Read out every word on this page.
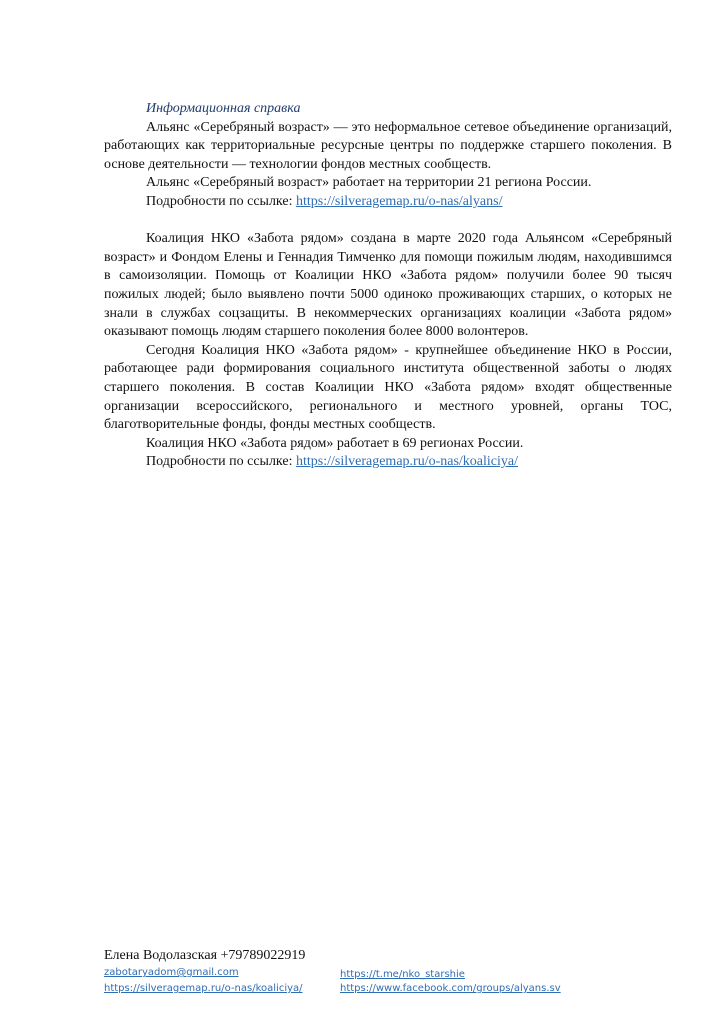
Информационная справка

Альянс «Серебряный возраст» — это неформальное сетевое объединение организаций, работающих как территориальные ресурсные центры по поддержке старшего поколения. В основе деятельности — технологии фондов местных сообществ.

Альянс «Серебряный возраст» работает на территории 21 региона России.

Подробности по ссылке: https://silveragemap.ru/o-nas/alyans/

Коалиция НКО «Забота рядом» создана в марте 2020 года Альянсом «Серебряный возраст» и Фондом Елены и Геннадия Тимченко для помощи пожилым людям, находившимся в самоизоляции. Помощь от Коалиции НКО «Забота рядом» получили более 90 тысяч пожилых людей; было выявлено почти 5000 одиноко проживающих старших, о которых не знали в службах соцзащиты. В некоммерческих организациях коалиции «Забота рядом» оказывают помощь людям старшего поколения более 8000 волонтеров.

Сегодня Коалиция НКО «Забота рядом» - крупнейшее объединение НКО в России, работающее ради формирования социального института общественной заботы о людях старшего поколения. В состав Коалиции НКО «Забота рядом» входят общественные организации всероссийского, регионального и местного уровней, органы ТОС, благотворительные фонды, фонды местных сообществ.

Коалиция НКО «Забота рядом» работает в 69 регионах России.

Подробности по ссылке: https://silveragemap.ru/o-nas/koaliciya/

Елена Водолазская +79789022919
zabotaryadom@gmail.com
https://silveragemap.ru/o-nas/koaliciya/
https://t.me/nko_starshie
https://www.facebook.com/groups/alyans.sv
